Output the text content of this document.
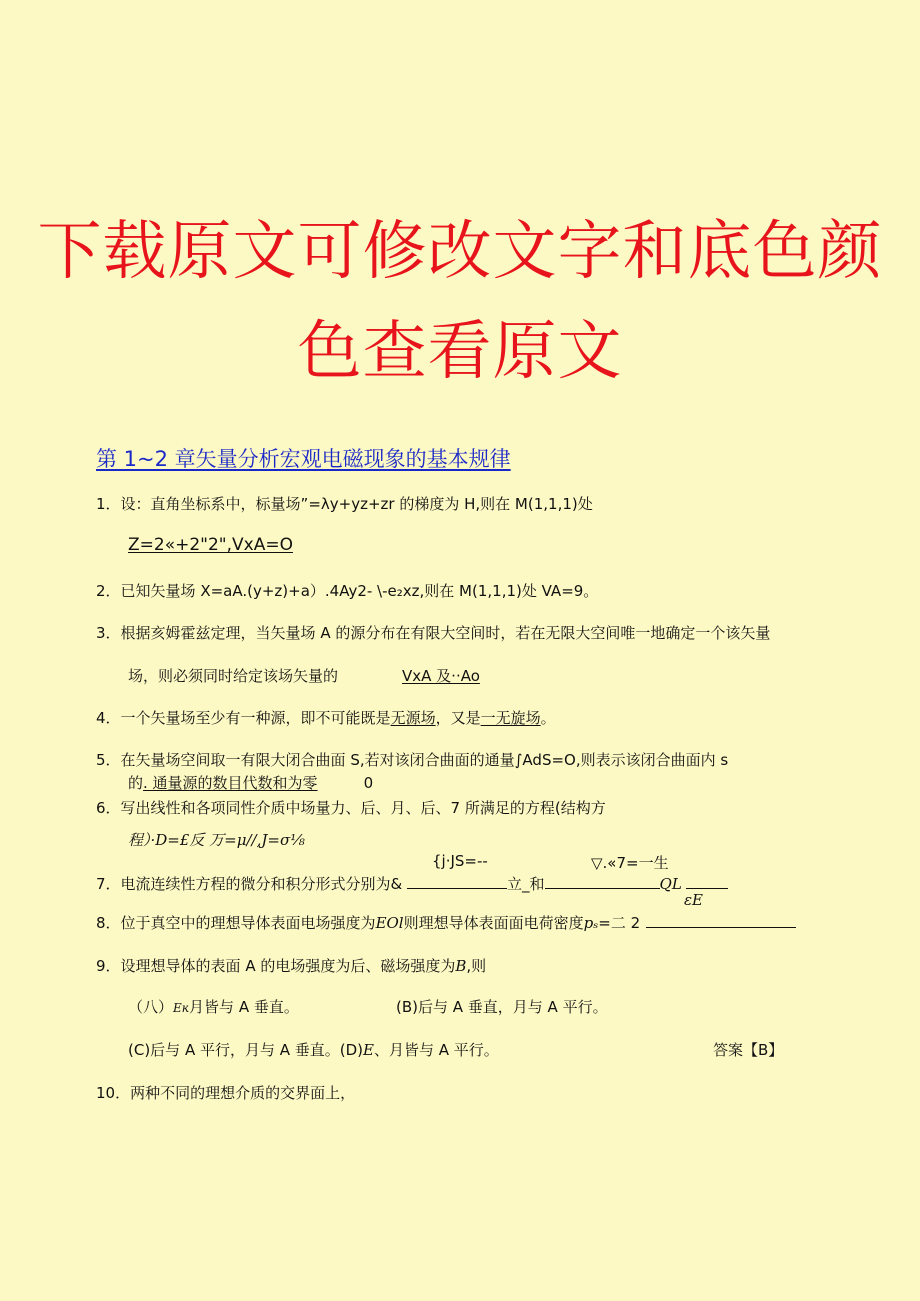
下载原文可修改文字和底色颜
色查看原文
第 1~2 章矢量分析宏观电磁现象的基本规律
1．设：直角坐标系中，标量场”=λy+yz+zr 的梯度为 H,则在 M(1,1,1)处
Z=2«+2"2",VxA=O
2．已知矢量场 X=aA.(y+z)+a）.4Ay2- \-e₂xz,则在 M(1,1,1)处 VA=9。
3．根据亥姆霍兹定理，当矢量场 A 的源分布在有限大空间时，若在无限大空间唯一地确定一个该矢量
场，则必须同时给定该场矢量的	VxA 及··Ao
4．一个矢量场至少有一种源，即不可能既是无源场，又是一无旋场。
5．在矢量场空间取一有限大闭合曲面 S,若对该闭合曲面的通量∫AdS=O,则表示该闭合曲面内 s
的. 通量源的数目代数和为零	0
6．写出线性和各项同性介质中场量力、后、月、后、7 所满足的方程(结构方
程）·D=£反 万=μ//,J=σ⅛
{j·JS=--	▽.«7=一生
7．电流连续性方程的微分和积分形式分别为&	立_和	QL
εE
8．位于真空中的理想导体表面电场强度为EOl则理想导体表面面电荷密度pₛ=二 2
9．设理想导体的表面 A 的电场强度为后、磁场强度为B,则
（八）Eĸ月皆与 A 垂直。	(B)后与 A 垂直，月与 A 平行。
(C)后与 A 平行，月与 A 垂直。(D)E、月皆与 A 平行。	答案【B】
10．两种不同的理想介质的交界面上，
